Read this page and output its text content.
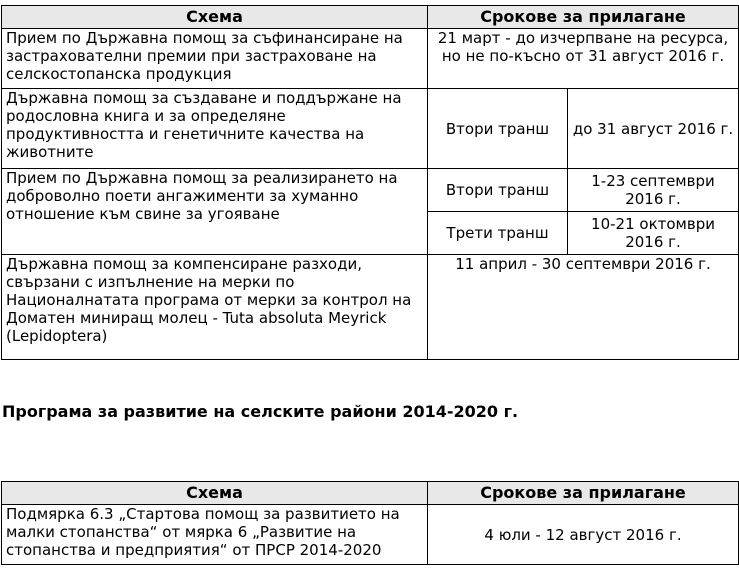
Схема	Срокове за прилагане	
Прием по Държавна помощ за съфинансиране на застрахователни премии при застраховане на селскостопанска продукция	21 март - до изчерпване на ресурса, но не по-късно от 31 август 2016 г.	
Държавна помощ за създаване и поддържане на родословна книга и за определяне продуктивността и генетичните качества на животните	Втори транш	до 31 август 2016 г.
Прием по Държавна помощ за реализирането на доброволно поети ангажименти за хуманно отношение към свине за угояване	Втори транш	1-23 септември 2016 г.
	Трети транш	10-21 октомври 2016 г.
Държавна помощ за компенсиране разходи, свързани с изпълнение на мерки по Националнатата програма от мерки за контрол на Доматен миниращ молец - Tuta absoluta Meyrick (Lepidoptera)	11 април - 30 септември 2016 г.	
Програма за развитие на селските райони 2014-2020 г.
Схема	Срокове за прилагане
Подмярка 6.3 „Стартова помощ за развитието на малки стопанства“ от мярка 6 „Развитие на стопанства и предприятия“ от ПРСР 2014-2020	4 юли - 12 август 2016 г.
